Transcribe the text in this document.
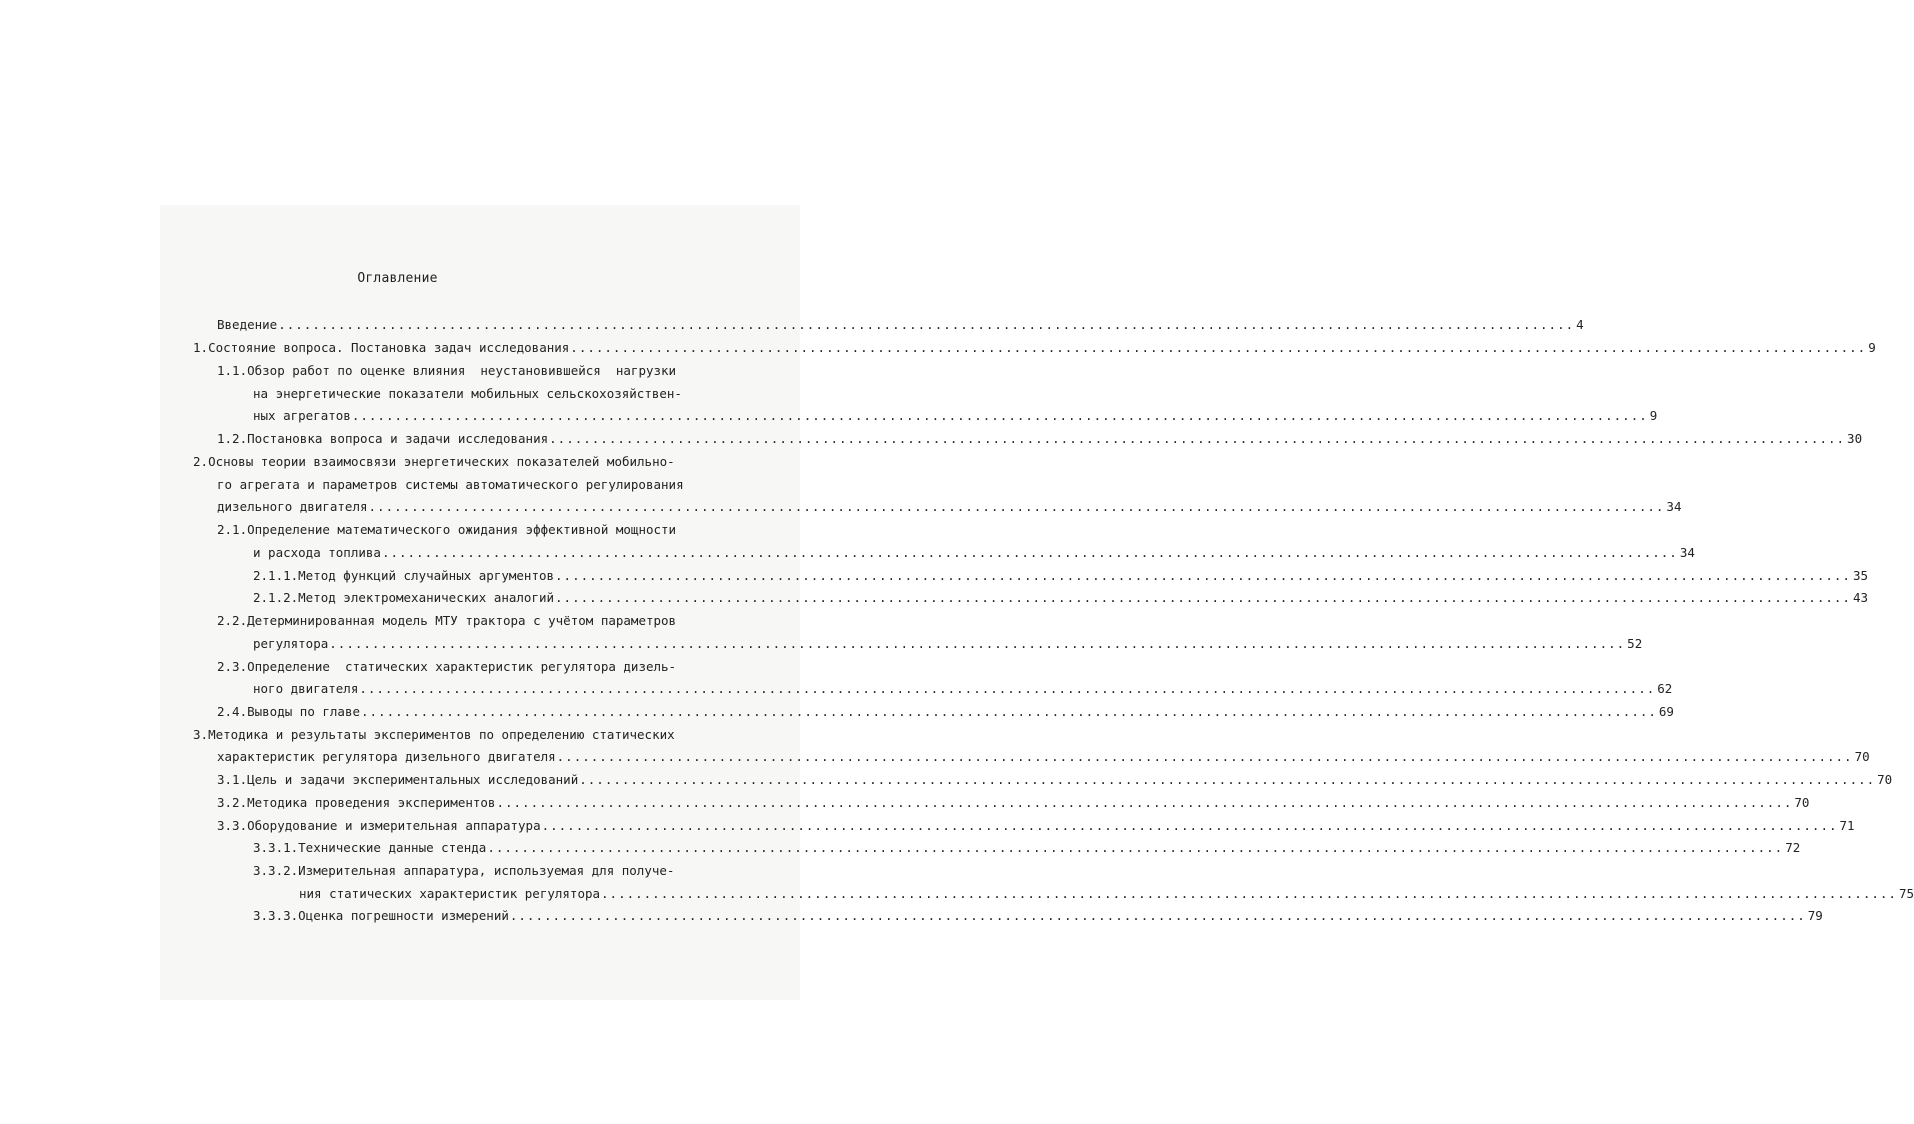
Оглавление
Введение .....	4
1. Состояние вопроса. Постановка задач исследования .....	9
1.1. Обзор работ по оценке влияния  неустановившейся  нагрузки
на энергетические показатели мобильных сельскохозяйствен-
ных агрегатов .....	9
1.2. Постановка вопроса и задачи исследования .....	30
2. Основы теории взаимосвязи энергетических показателей мобильно-
го агрегата и параметров системы автоматического регулирования
дизельного двигателя .....	34
2.1. Определение математического ожидания эффективной мощности
и расхода топлива .....	34
2.1.1. Метод функций случайных аргументов .....	35
2.1.2. Метод электромеханических аналогий .....	43
2.2. Детерминированная модель МТУ трактора с учётом параметров
регулятора .....	52
2.3. Определение  статических характеристик регулятора дизель-
ного двигателя .....	62
2.4. Выводы по главе .....	69
3. Методика и результаты экспериментов по определению статических
характеристик регулятора дизельного двигателя .....	70
3.1. Цель и задачи экспериментальных исследований .....	70
3.2. Методика проведения экспериментов .....	70
3.3. Оборудование и измерительная аппаратура .....	71
3.3.1. Технические данные стенда .....	72
3.3.2. Измерительная аппаратура, используемая для получе-
ния статических характеристик регулятора .....	75
3.3.3. Оценка погрешности измерений .....	79
